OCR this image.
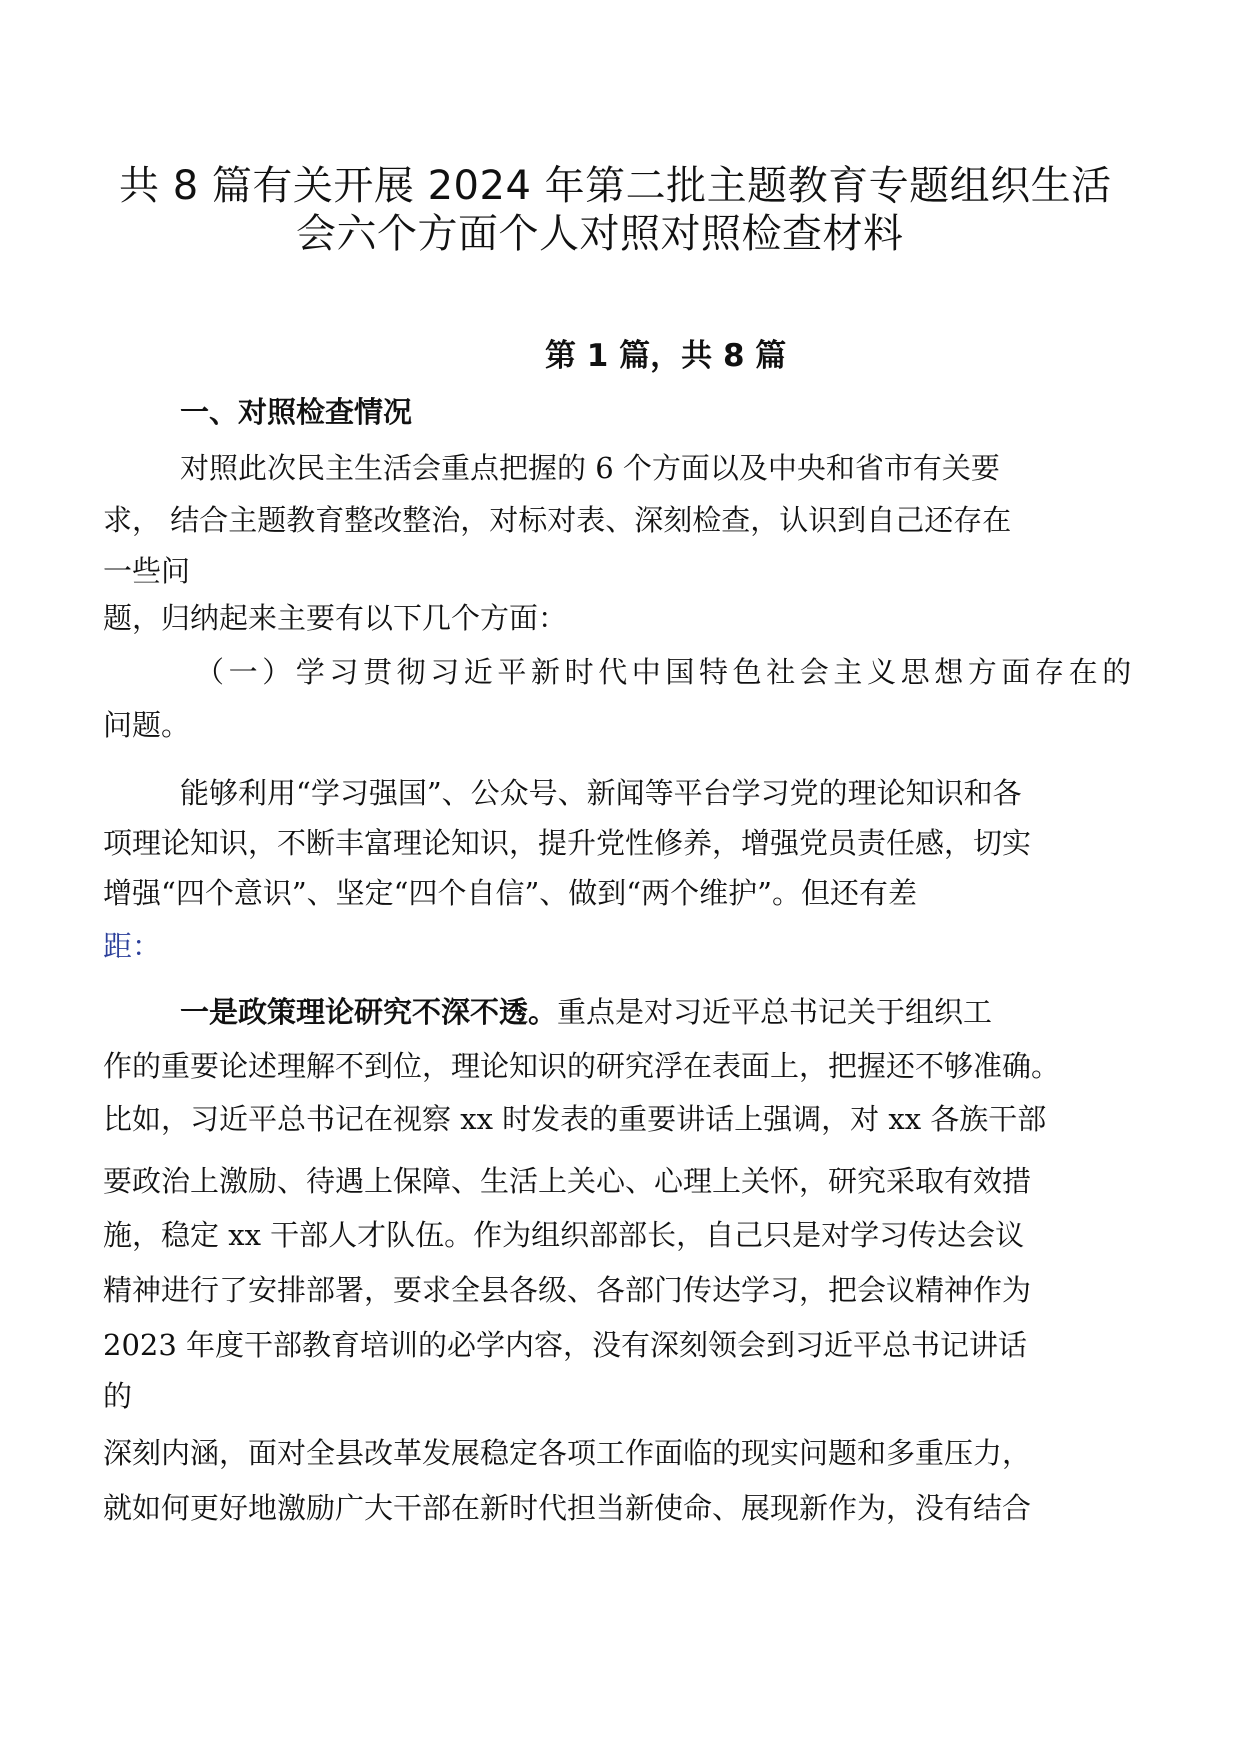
共 8 篇有关开展 2024 年第二批主题教育专题组织生活
会六个方面个人对照对照检查材料
第 1 篇，共 8 篇
一、对照检查情况
对照此次民主生活会重点把握的 6 个方面以及中央和省市有关要
求， 结合主题教育整改整治，对标对表、深刻检查，认识到自己还存在
一些问
题，归纳起来主要有以下几个方面：
（一）学习贯彻习近平新时代中国特色社会主义思想方面存在的
问题。
能够利用“学习强国”、公众号、新闻等平台学习党的理论知识和各
项理论知识，不断丰富理论知识，提升党性修养，增强党员责任感，切实
增强“四个意识”、坚定“四个自信”、做到“两个维护”。但还有差
距：
一是政策理论研究不深不透。重点是对习近平总书记关于组织工
作的重要论述理解不到位，理论知识的研究浮在表面上，把握还不够准确。
比如，习近平总书记在视察 xx 时发表的重要讲话上强调，对 xx 各族干部
要政治上激励、待遇上保障、生活上关心、心理上关怀，研究采取有效措
施，稳定 xx 干部人才队伍。作为组织部部长，自己只是对学习传达会议
精神进行了安排部署，要求全县各级、各部门传达学习，把会议精神作为
2023 年度干部教育培训的必学内容，没有深刻领会到习近平总书记讲话
的
深刻内涵，面对全县改革发展稳定各项工作面临的现实问题和多重压力，
就如何更好地激励广大干部在新时代担当新使命、展现新作为，没有结合
